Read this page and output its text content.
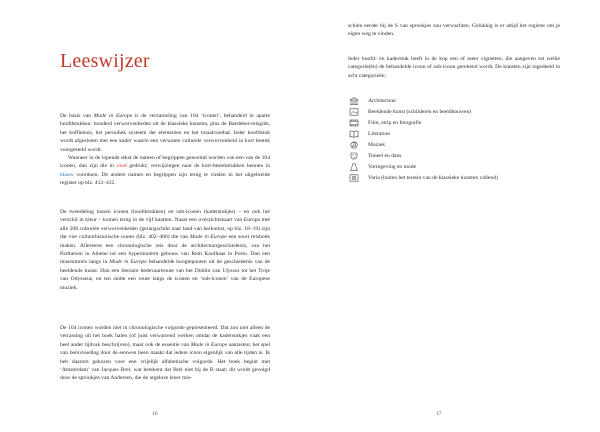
Leeswijzer

De basis van Made in Europe is de verzameling van 104 ‘iconen’, behandeld in aparte hoofdstukken: honderd verworvenheden uit de klassieke kunsten, plus de Baedeker-reisgids, het koffiehuis, het periodiek systeem der elementen en het totaalvoetbal. Ieder hoofdstuk wordt afgesloten met een kader waarin een verwante culturele verworvenheid in kort bestek voorgesteld wordt.

Wanneer in de lopende tekst de namen of begrippen genoemd worden van een van de 104 iconen, dan zijn die in rood gedrukt; verwijzingen naar de kort-bestekstukken kennen in blauw voordoen. De andere namen en begrippen zijn terug te vinden in het uitgebreide register op blz. 412–432.

De tweedeling tussen iconen (hoofdstukken) en sub-iconen (kaderstukjes) – en ook het verschil in kleur – komen terug in de vijf kaarten. Naast een overzichtskaart van Europa met alle 208 culturele verworvenheden (gerangschikt naar land van herkomst, op blz. 18–19) zijn dat vier cultuurhistorische routes (blz. 402–406) die van Made in Europe een soort reisboek maken. Allereerst een chronologische reis door de architectuurgeschiedenis, van het Parthenon in Athene tot een hypermodern gebouw van Rem Koolhaas in Porto. Dan een museumreis langs in Made in Europe behandelde hoogtepunten uit de geschiedenis van de beeldende kunst. Dan een literaire bedevaartroute van het Dublin van Ulysses tot het Troje van Odysseus, en ten slotte een route langs de iconen en ‘sub-iconen’ van de Europese muziek.

De 104 iconen worden niet in chronologische volgorde gepresenteerd. Dat zou niet alleen de verrassing uit het boek halen (of juist verwarrend werken omdat de kaderstukjes vaak een heel ander tijdvak beschrijven), maar ook de essentie van Made in Europe aantasten; het spel van beïnvloeding door de eeuwen heen maakt dat iedere icoon eigenlijk van alle tijden is. Ik heb daarom gekozen voor een vrijelijk alfabetische volgorde. Het boek begint met ‘Amsterdam’ van Jacques Brel, wat betekent dat Brel niet bij de B staat; dit wordt gevolgd door de sprookjes van Andersen, die de argeloze lezer mis-

16

schien eerder bij de S van sprookjes zou verwachten. Gelukkig is er altijd het register om je eigen weg te vinden.

Ieder hoofd- en kaderstuk heeft in de kop een of meer vignetten, die aangeven tot welke categorie(ën) de behandelde icoon of sub-icoon gerekend wordt. De kunsten zijn ingedeeld in acht categorieën:

Architectuur
Beeldende kunst (schilderen en beeldhouwen)
Film, strip en fotografie
Literatuur
Muziek
Toneel en dans
Vormgeving en mode
Varia (buiten het terrein van de klassieke kunsten vallend)
17
